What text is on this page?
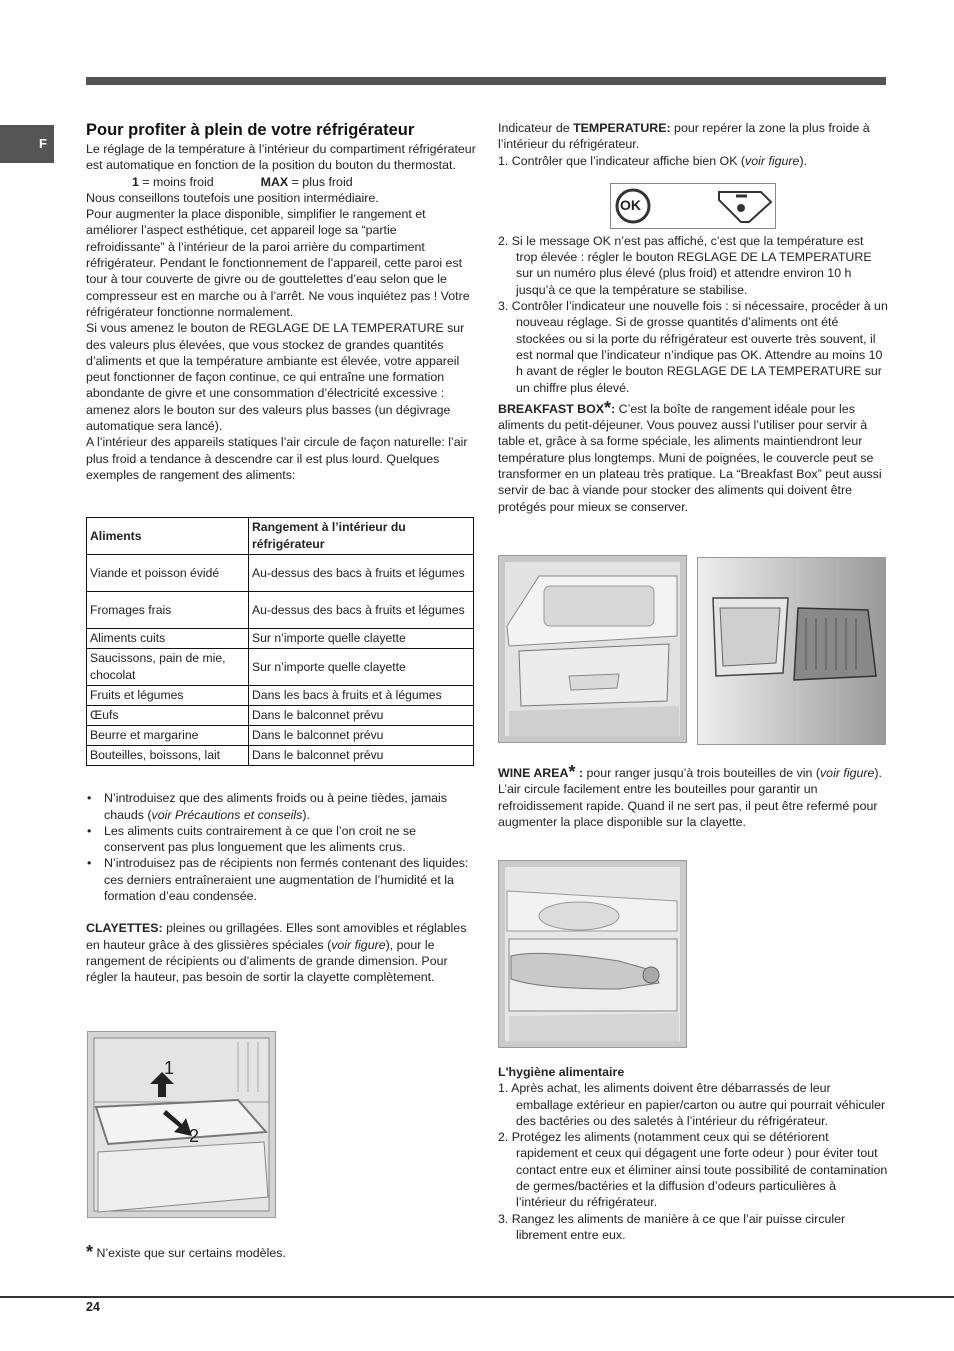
F
Pour profiter à plein de votre réfrigérateur

Le réglage de la température à l’intérieur du compartiment réfrigérateur est automatique en fonction de la position du bouton du thermostat.

1 = moins froid	MAX = plus froid

Nous conseillons toutefois une position intermédiaire.

Pour augmenter la place disponible, simplifier le rangement et améliorer l’aspect esthétique, cet appareil loge sa “partie refroidissante” à l’intérieur de la paroi arrière du compartiment réfrigérateur. Pendant le fonctionnement de l’appareil, cette paroi est tour à tour couverte de givre ou de gouttelettes d’eau selon que le compresseur est en marche ou à l’arrêt. Ne vous inquiétez pas ! Votre réfrigérateur fonctionne normalement.

Si vous amenez le bouton de REGLAGE DE LA TEMPERATURE sur des valeurs plus élevées, que vous stockez de grandes quantités d’aliments et que la température ambiante est élevée, votre appareil peut fonctionner de façon continue, ce qui entraîne une formation abondante de givre et une consommation d’électricité excessive : amenez alors le bouton sur des valeurs plus basses (un dégivrage automatique sera lancé).

A l’intérieur des appareils statiques l’air circule de façon naturelle: l’air plus froid a tendance à descendre car il est plus lourd. Quelques exemples de rangement des aliments:

Aliments	Rangement à l’intérieur du réfrigérateur
Viande et poisson évidé	Au-dessus des bacs à fruits et légumes
Fromages frais	Au-dessus des bacs à fruits et légumes
Aliments cuits	Sur n’importe quelle clayette
Saucissons, pain de mie, chocolat	Sur n’importe quelle clayette
Fruits et légumes	Dans les bacs à fruits et à légumes
Œufs	Dans le balconnet prévu
Beurre et margarine	Dans le balconnet prévu
Bouteilles, boissons, lait	Dans le balconnet prévu
• N’introduisez que des aliments froids ou à peine tièdes, jamais chauds (voir Précautions et conseils).
• Les aliments cuits contrairement à ce que l’on croit ne se conservent pas plus longuement que les aliments crus.
• N’introduisez pas de récipients non fermés contenant des liquides: ces derniers entraîneraient une augmentation de l’humidité et la formation d’eau condensée.

CLAYETTES: pleines ou grillagées. Elles sont amovibles et réglables en hauteur grâce à des glissières spéciales (voir figure), pour le rangement de récipients ou d’aliments de grande dimension. Pour régler la hauteur, pas besoin de sortir la clayette complètement.

1
2
* N’existe que sur certains modèles.

Indicateur de TEMPERATURE: pour repérer la zone la plus froide à l’intérieur du réfrigérateur.

1. Contrôler que l’indicateur affiche bien OK (voir figure).

2. Si le message OK n’est pas affiché, c’est que la température est trop élevée : régler le bouton REGLAGE DE LA TEMPERATURE sur un numéro plus élevé (plus froid) et attendre environ 10 h jusqu’à ce que la température se stabilise.
3. Contrôler l’indicateur une nouvelle fois : si nécessaire, procéder à un nouveau réglage. Si de grosse quantités d’aliments ont été stockées ou si la porte du réfrigérateur est ouverte très souvent, il est normal que l’indicateur n’indique pas OK. Attendre au moins 10 h avant de régler le bouton REGLAGE DE LA TEMPERATURE sur un chiffre plus élevé.

BREAKFAST BOX*: C’est la boîte de rangement idéale pour les aliments du petit-déjeuner. Vous pouvez aussi l’utiliser pour servir à table et, grâce à sa forme spéciale, les aliments maintiendront leur température plus longtemps. Muni de poignées, le couvercle peut se transformer en un plateau très pratique. La “Breakfast Box” peut aussi servir de bac à viande pour stocker des aliments qui doivent être protégés pour mieux se conserver.

OK
WINE AREA* : pour ranger jusqu’à trois bouteilles de vin (voir figure). L’air circule facilement entre les bouteilles pour garantir un refroidissement rapide. Quand il ne sert pas, il peut être refermé pour augmenter la place disponible sur la clayette.

L'hygiène alimentaire

1. Après achat, les aliments doivent être débarrassés de leur emballage extérieur en papier/carton ou autre qui pourrait véhiculer des bactéries ou des saletés à l’intérieur du réfrigérateur.
2. Protégez les aliments (notamment ceux qui se détériorent rapidement et ceux qui dégagent une forte odeur ) pour éviter tout contact entre eux et éliminer ainsi toute possibilité de contamination de germes/bactéries et la diffusion d’odeurs particulières à l’intérieur du réfrigérateur.
3. Rangez les aliments de manière à ce que l’air puisse circuler librement entre eux.
24
